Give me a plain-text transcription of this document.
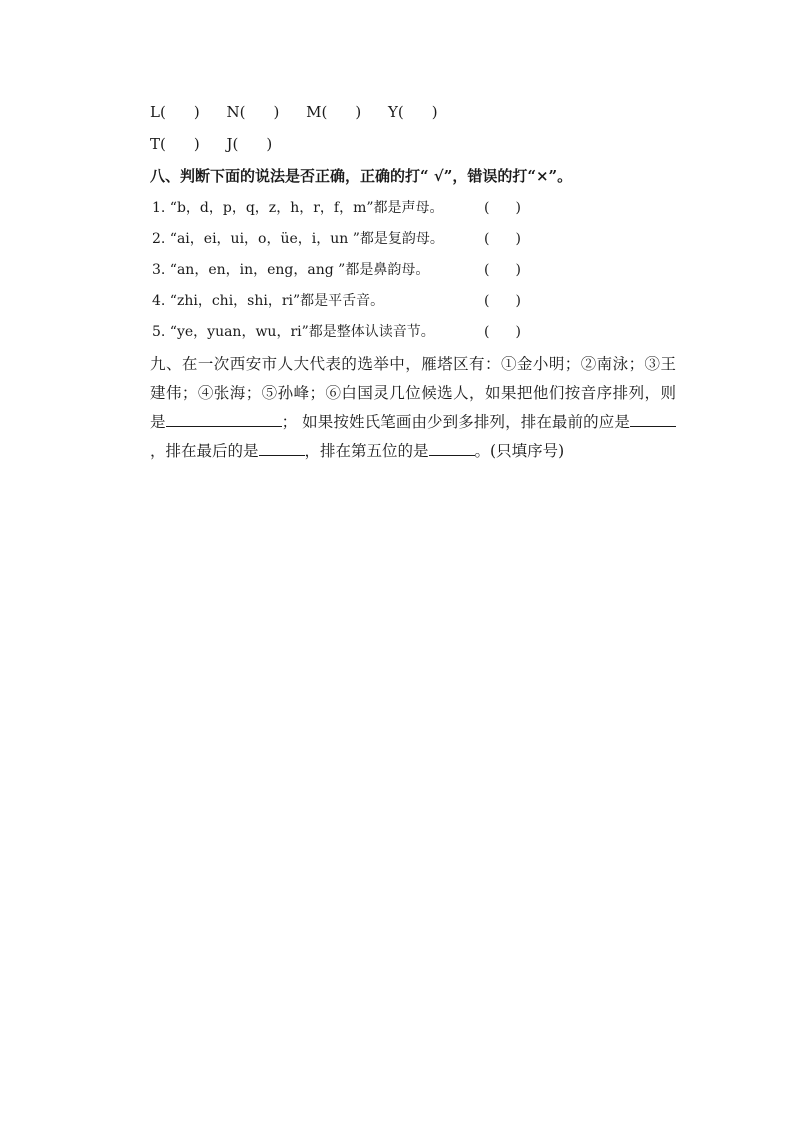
L( ) N( ) M( ) Y( )
T( ) J( )
八、判断下面的说法是否正确，正确的打“ √”，错误的打“×”。
1. “b，d，p，q，z，h，r，f，m”都是声母。	( )
2. “ai，ei，ui，o，üe，i，un ”都是复韵母。	( )
3. “an，en，in，eng，ang ”都是鼻韵母。	( )
4. “zhi，chi，shi，ri”都是平舌音。	( )
5. “ye，yuan，wu，ri”都是整体认读音节。	( )
九、在一次西安市人大代表的选举中，雁塔区有：①金小明；②南泳；③王建伟；④张海；⑤孙峰；⑥白国灵几位候选人，如果把他们按音序排列，则是	； 如果按姓氏笔画由少到多排列，排在最前的应是，排在最后的是	，排在第五位的是	。(只填序号)
